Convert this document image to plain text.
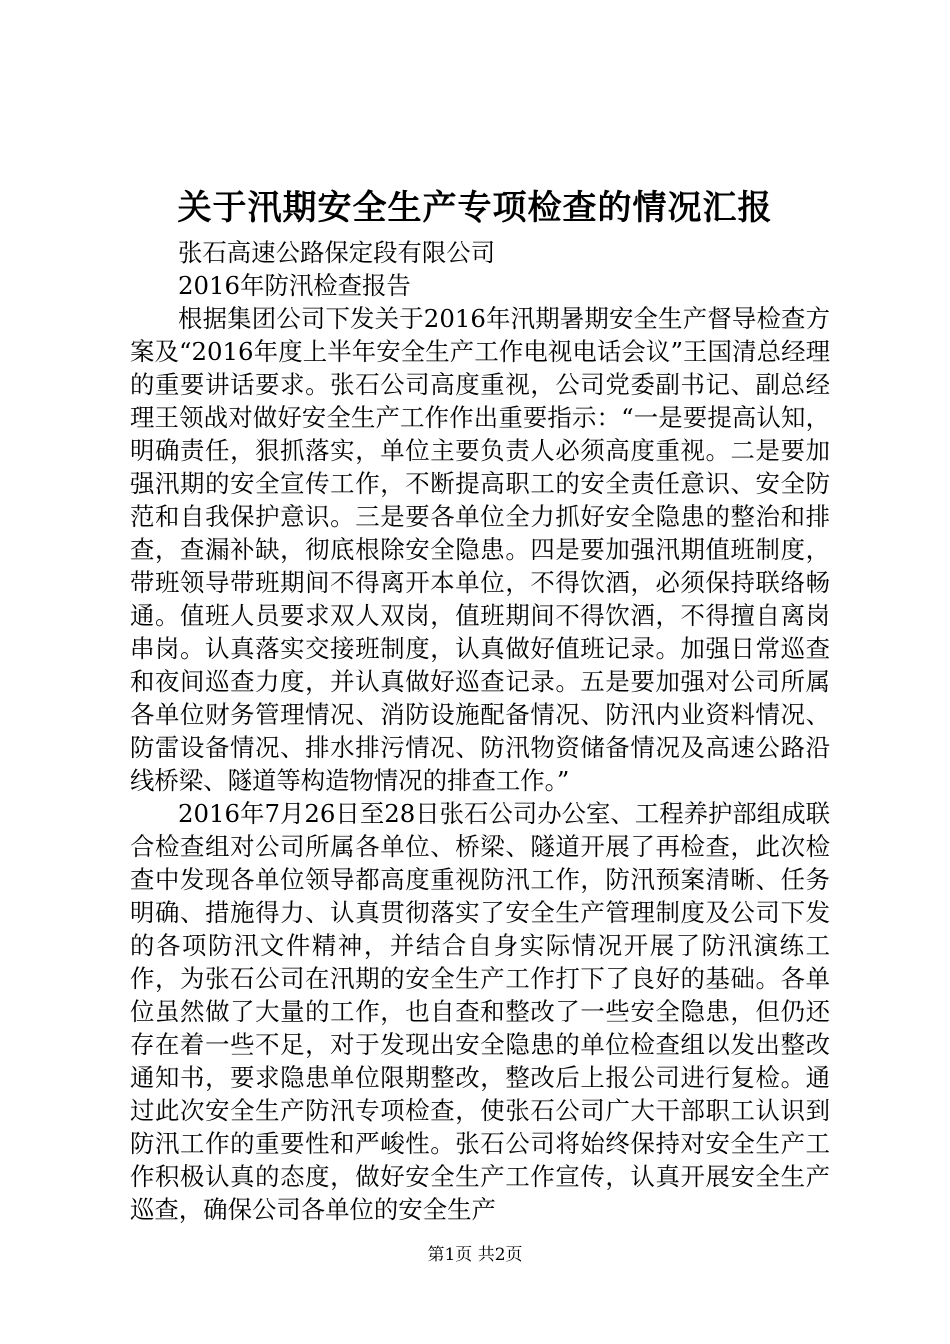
关于汛期安全生产专项检查的情况汇报

张石高速公路保定段有限公司

2016年防汛检查报告

根据集团公司下发关于2016年汛期暑期安全生产督导检查方案及“2016年度上半年安全生产工作电视电话会议”王国清总经理的重要讲话要求。张石公司高度重视，公司党委副书记、副总经理王领战对做好安全生产工作作出重要指示：“一是要提高认知，明确责任，狠抓落实，单位主要负责人必须高度重视。二是要加强汛期的安全宣传工作，不断提高职工的安全责任意识、安全防范和自我保护意识。三是要各单位全力抓好安全隐患的整治和排查，查漏补缺，彻底根除安全隐患。四是要加强汛期值班制度，带班领导带班期间不得离开本单位，不得饮酒，必须保持联络畅通。值班人员要求双人双岗，值班期间不得饮酒，不得擅自离岗串岗。认真落实交接班制度，认真做好值班记录。加强日常巡查和夜间巡查力度，并认真做好巡查记录。五是要加强对公司所属各单位财务管理情况、消防设施配备情况、防汛内业资料情况、防雷设备情况、排水排污情况、防汛物资储备情况及高速公路沿线桥梁、隧道等构造物情况的排查工作。”

2016年7月26日至28日张石公司办公室、工程养护部组成联合检查组对公司所属各单位、桥梁、隧道开展了再检查，此次检查中发现各单位领导都高度重视防汛工作，防汛预案清晰、任务明确、措施得力、认真贯彻落实了安全生产管理制度及公司下发的各项防汛文件精神，并结合自身实际情况开展了防汛演练工作，为张石公司在汛期的安全生产工作打下了良好的基础。各单位虽然做了大量的工作，也自查和整改了一些安全隐患，但仍还存在着一些不足，对于发现出安全隐患的单位检查组以发出整改通知书，要求隐患单位限期整改，整改后上报公司进行复检。通过此次安全生产防汛专项检查，使张石公司广大干部职工认识到防汛工作的重要性和严峻性。张石公司将始终保持对安全生产工作积极认真的态度，做好安全生产工作宣传，认真开展安全生产巡查，确保公司各单位的安全生产

第1页 共2页
